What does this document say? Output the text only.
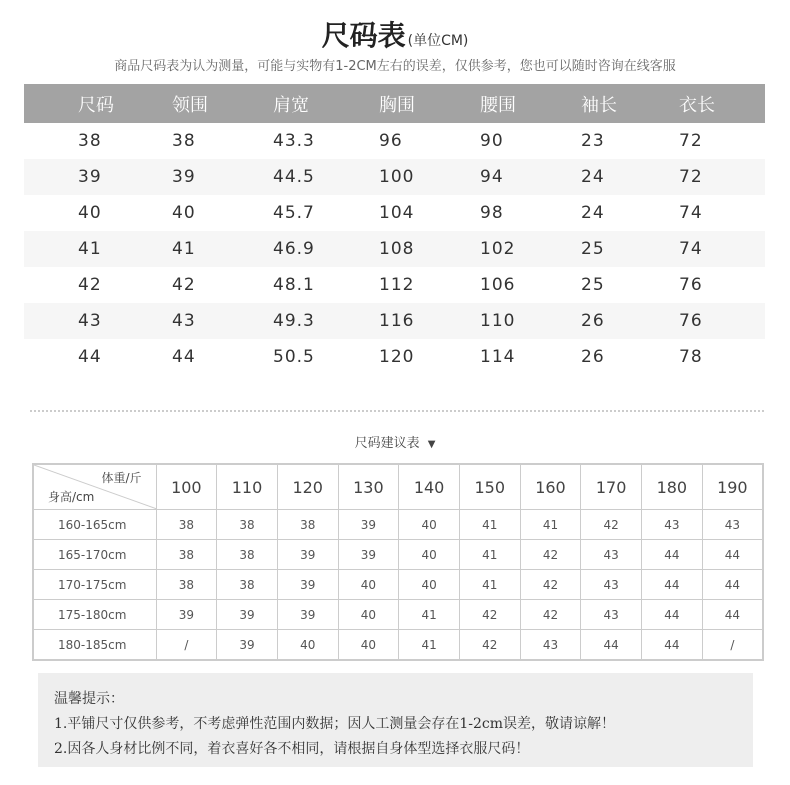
尺码表 (单位CM)
商品尺码表为认为测量，可能与实物有1-2CM左右的误差，仅供参考，您也可以随时咨询在线客服
尺码	领围	肩宽	胸围	腰围	袖长	衣长
38	38	43.3	96	90	23	72
39	39	44.5	100	94	24	72
40	40	45.7	104	98	24	74
41	41	46.9	108	102	25	74
42	42	48.1	112	106	25	76
43	43	49.3	116	110	26	76
44	44	50.5	120	114	26	78
尺码建议表 ▼
体重/斤
身高/cm	100	110	120	130	140	150	160	170	180	190
160-165cm	38	38	38	39	40	41	41	42	43	43
165-170cm	38	38	39	39	40	41	42	43	44	44
170-175cm	38	38	39	40	40	41	42	43	44	44
175-180cm	39	39	39	40	41	42	42	43	44	44
180-185cm	/	39	40	40	41	42	43	44	44	/
温馨提示：
1.平铺尺寸仅供参考，不考虑弹性范围内数据；因人工测量会存在1-2cm误差，敬请谅解！
2.因各人身材比例不同，着衣喜好各不相同，请根据自身体型选择衣服尺码！
